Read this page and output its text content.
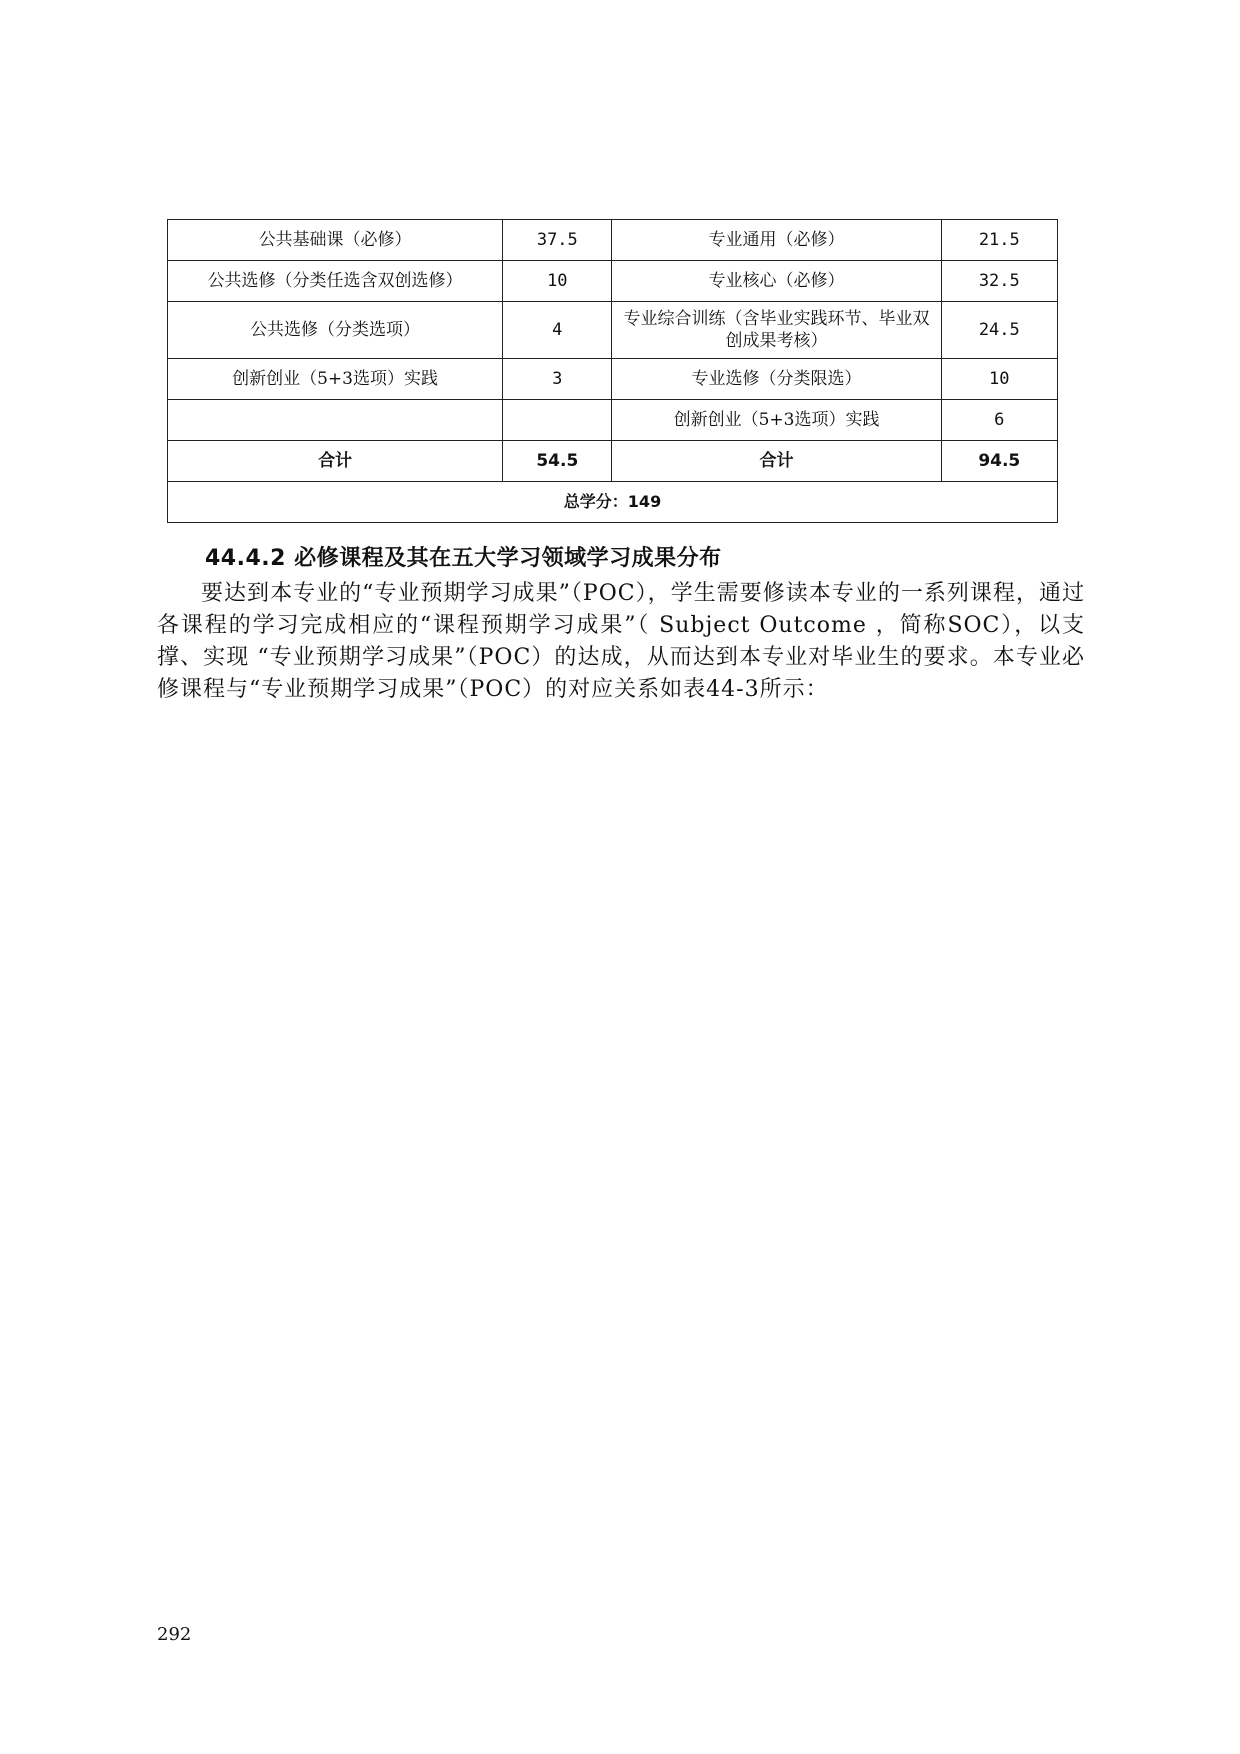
公共基础课（必修）	37.5	专业通用（必修）	21.5
公共选修（分类任选含双创选修）	10	专业核心（必修）	32.5
公共选修（分类选项）	4	专业综合训练（含毕业实践环节、毕业双创成果考核）	24.5
创新创业（5+3选项）实践	3	专业选修（分类限选）	10
		创新创业（5+3选项）实践	6
合计	54.5	合计	94.5
总学分：149			
44.4.2 必修课程及其在五大学习领域学习成果分布

要达到本专业的“专业预期学习成果”（POC），学生需要修读本专业的一系列课程，通过各课程的学习完成相应的“课程预期学习成果”（ Subject Outcome ，简称SOC），以支撑、实现 “专业预期学习成果”（POC）的达成，从而达到本专业对毕业生的要求。本专业必修课程与“专业预期学习成果”（POC）的对应关系如表44-3所示：

292
